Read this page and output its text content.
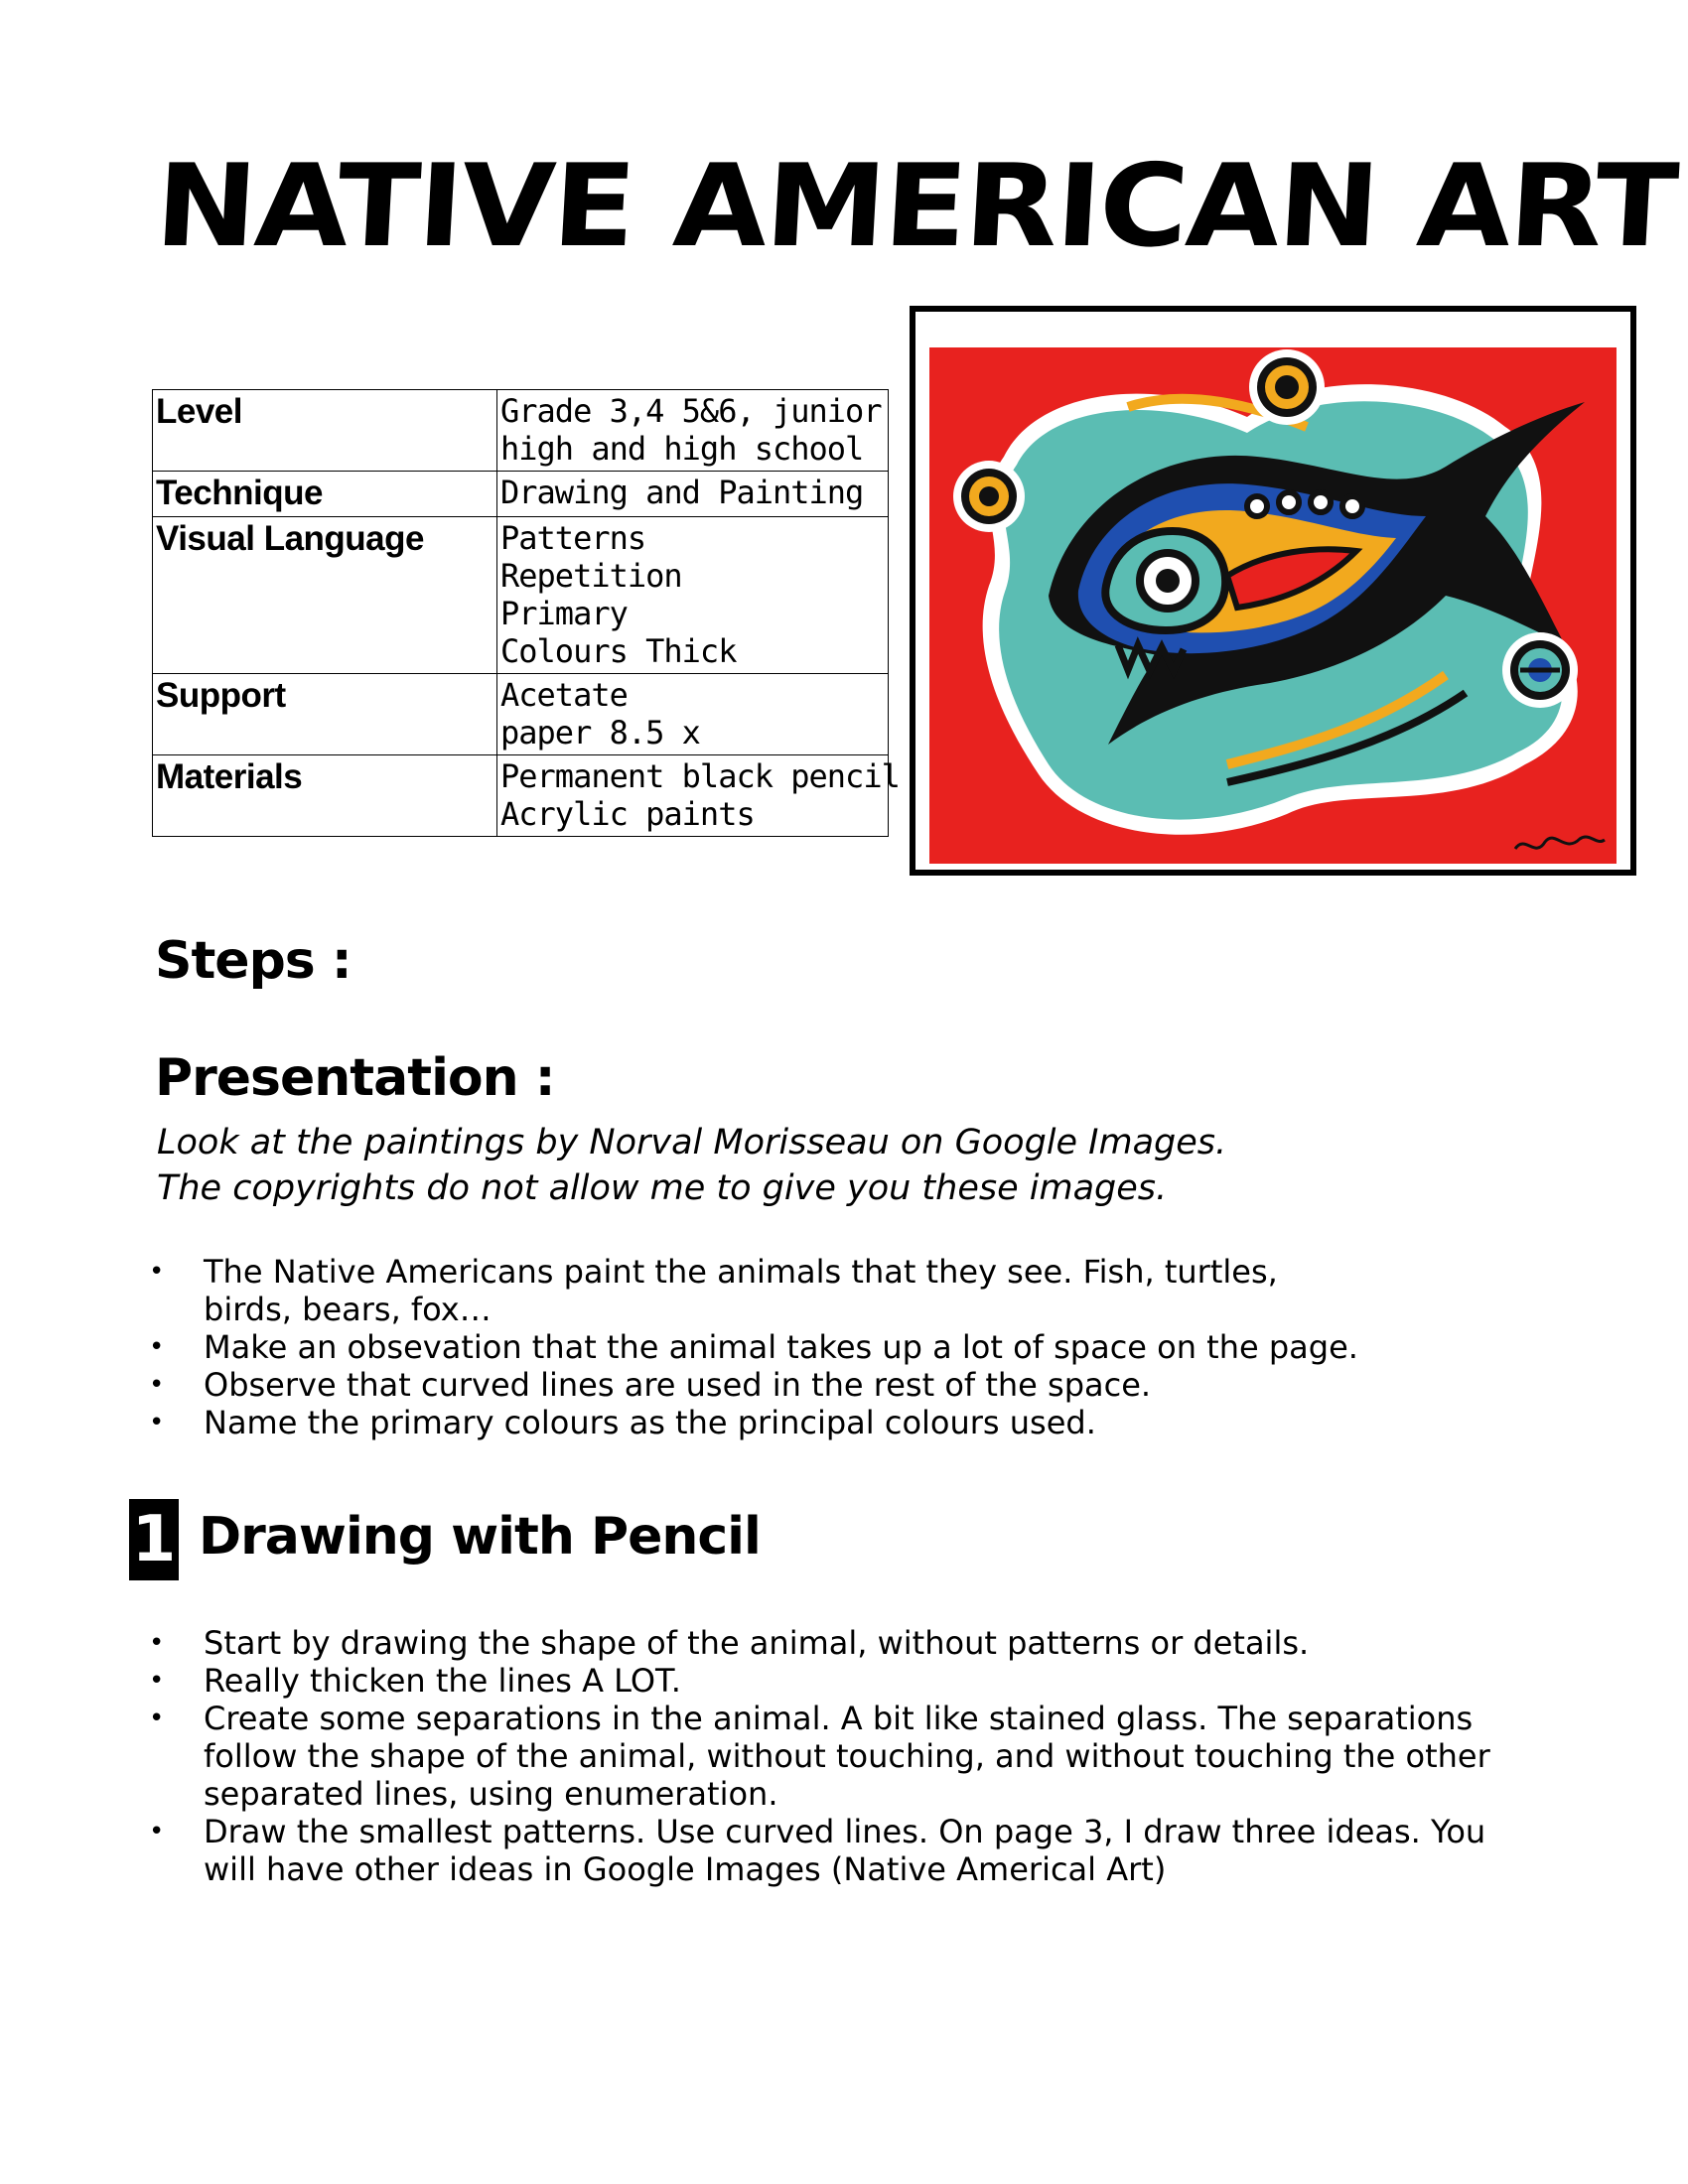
NATIVE AMERICAN ART
Level	Grade 3,4 5&6, junior
high and high school

Technique	Drawing and Painting

Visual Language	Patterns
Repetition
Primary
Colours Thick

Support	Acetate
paper 8.5 x

Materials	Permanent black pencil
Acrylic paints
Steps :
Presentation :

Look at the paintings by Norval Morisseau on Google Images.

The copyrights do not allow me to give you these images.

• The Native Americans paint the animals that they see. Fish, turtles, birds, bears, fox…
• Make an obsevation that the animal takes up a lot of space on the page.
• Observe that curved lines are used in the rest of the space.
• Name the primary colours as the principal colours used.
1 Drawing with Pencil
• Start by drawing the shape of the animal, without patterns or details.
• Really thicken the lines A LOT.
• Create some separations in the animal. A bit like stained glass. The separations follow the shape of the animal, without touching, and without touching the other separated lines, using enumeration.
• Draw the smallest patterns. Use curved lines. On page 3, I draw three ideas. You will have other ideas in Google Images (Native Americal Art)
